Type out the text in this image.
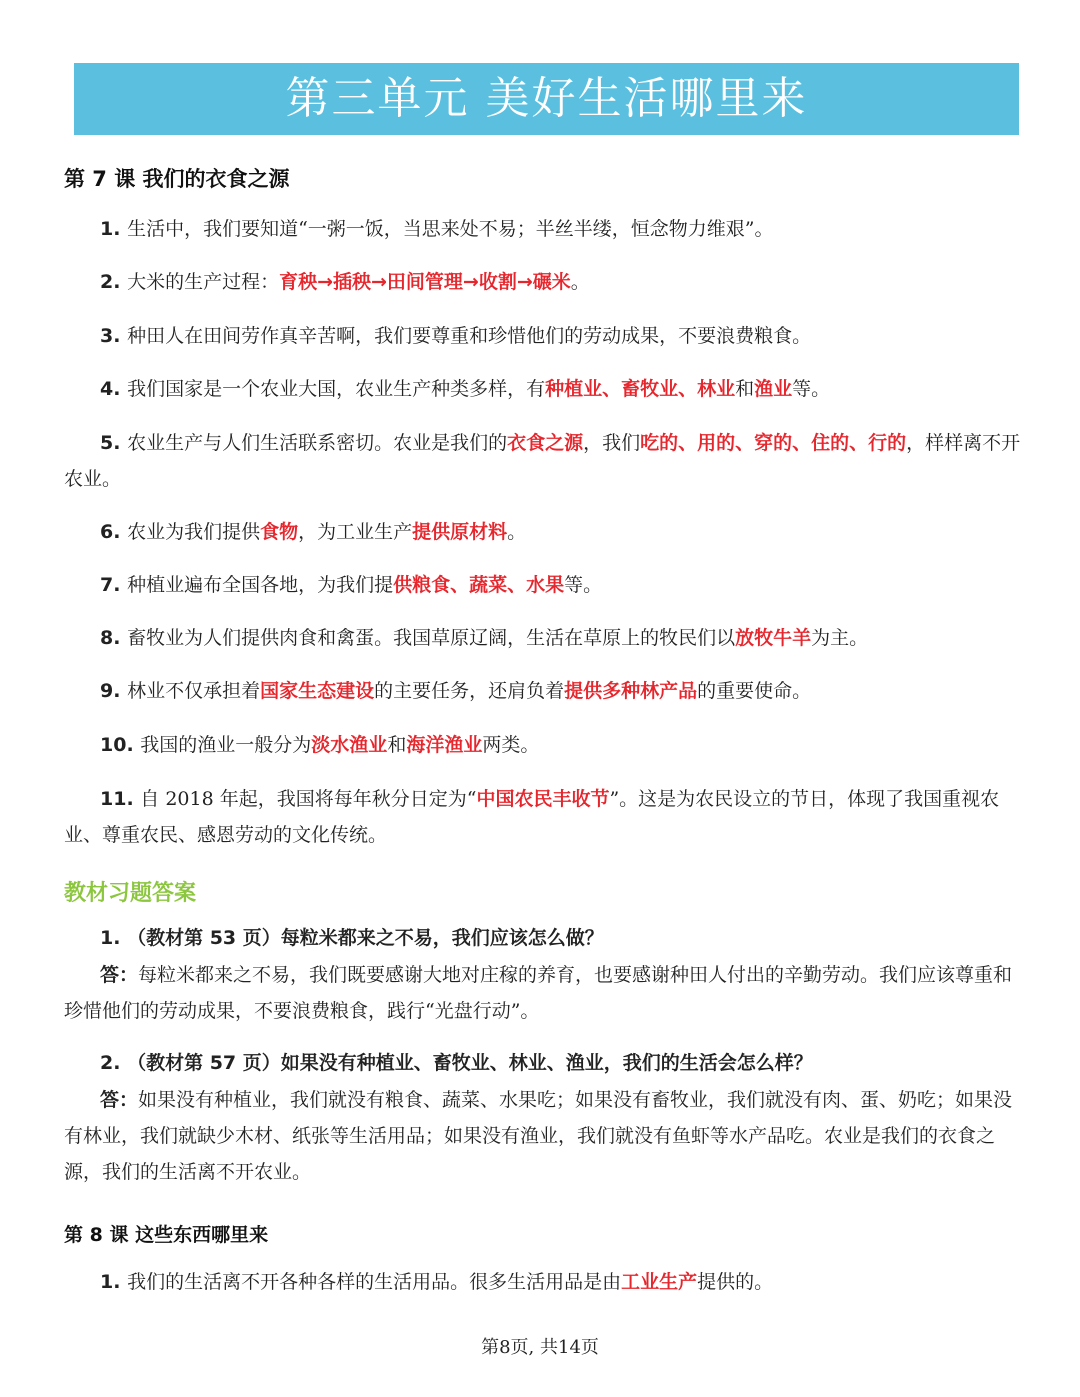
第三单元 美好生活哪里来
第 7 课 我们的衣食之源
1. 生活中，我们要知道“一粥一饭，当思来处不易；半丝半缕，恒念物力维艰”。
2. 大米的生产过程：育秧→插秧→田间管理→收割→碾米。
3. 种田人在田间劳作真辛苦啊，我们要尊重和珍惜他们的劳动成果，不要浪费粮食。
4. 我们国家是一个农业大国，农业生产种类多样，有种植业、畜牧业、林业和渔业等。
5. 农业生产与人们生活联系密切。农业是我们的衣食之源，我们吃的、用的、穿的、住的、行的，样样离不开农业。
6. 农业为我们提供食物，为工业生产提供原材料。
7. 种植业遍布全国各地，为我们提供粮食、蔬菜、水果等。
8. 畜牧业为人们提供肉食和禽蛋。我国草原辽阔，生活在草原上的牧民们以放牧牛羊为主。
9. 林业不仅承担着国家生态建设的主要任务，还肩负着提供多种林产品的重要使命。
10. 我国的渔业一般分为淡水渔业和海洋渔业两类。
11. 自 2018 年起，我国将每年秋分日定为“中国农民丰收节”。这是为农民设立的节日，体现了我国重视农业、尊重农民、感恩劳动的文化传统。
教材习题答案
1. （教材第 53 页）每粒米都来之不易，我们应该怎么做？
答：每粒米都来之不易，我们既要感谢大地对庄稼的养育，也要感谢种田人付出的辛勤劳动。我们应该尊重和珍惜他们的劳动成果，不要浪费粮食，践行“光盘行动”。
2. （教材第 57 页）如果没有种植业、畜牧业、林业、渔业，我们的生活会怎么样？
答：如果没有种植业，我们就没有粮食、蔬菜、水果吃；如果没有畜牧业，我们就没有肉、蛋、奶吃；如果没有林业，我们就缺少木材、纸张等生活用品；如果没有渔业，我们就没有鱼虾等水产品吃。农业是我们的衣食之源，我们的生活离不开农业。
第 8 课 这些东西哪里来
1. 我们的生活离不开各种各样的生活用品。很多生活用品是由工业生产提供的。
第8页, 共14页
